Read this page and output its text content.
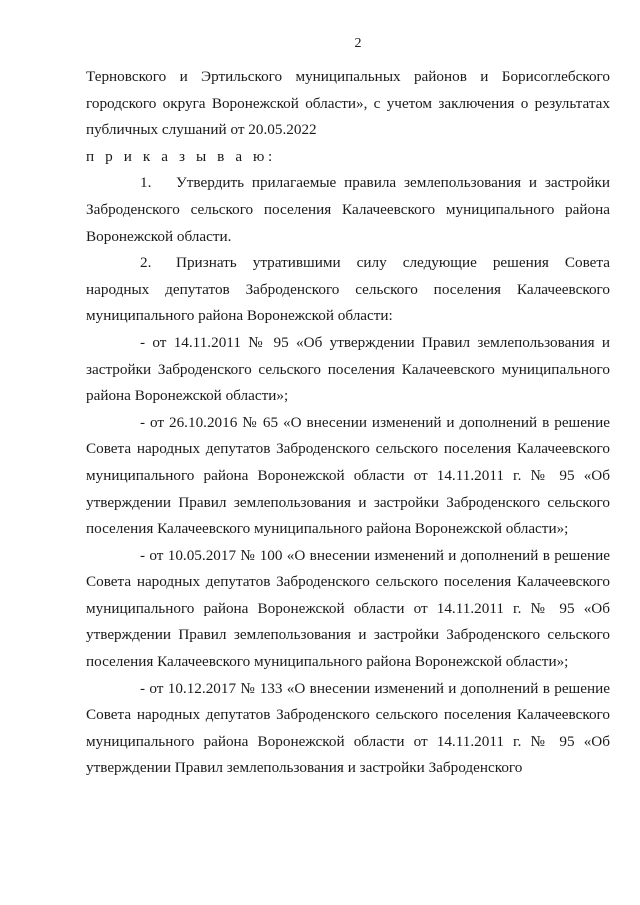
2

Терновского и Эртильского муниципальных районов и Борисоглебского городского округа Воронежской области», с учетом заключения о результатах публичных слушаний от 20.05.2022

п р и к а з ы в а ю:

1. Утвердить прилагаемые правила землепользования и застройки Заброденского сельского поселения Калачеевского муниципального района Воронежской области.

2. Признать утратившими силу следующие решения Совета народных депутатов Заброденского сельского поселения Калачеевского муниципального района Воронежской области:

- от 14.11.2011 № 95 «Об утверждении Правил землепользования и застройки Заброденского сельского поселения Калачеевского муниципального района Воронежской области»;

- от 26.10.2016 № 65 «О внесении изменений и дополнений в решение Совета народных депутатов Заброденского сельского поселения Калачеевского муниципального района Воронежской области от 14.11.2011 г. № 95 «Об утверждении Правил землепользования и застройки Заброденского сельского поселения Калачеевского муниципального района Воронежской области»;

- от 10.05.2017 № 100 «О внесении изменений и дополнений в решение Совета народных депутатов Заброденского сельского поселения Калачеевского муниципального района Воронежской области от 14.11.2011 г. № 95 «Об утверждении Правил землепользования и застройки Заброденского сельского поселения Калачеевского муниципального района Воронежской области»;

- от 10.12.2017 № 133 «О внесении изменений и дополнений в решение Совета народных депутатов Заброденского сельского поселения Калачеевского муниципального района Воронежской области от 14.11.2011 г. № 95 «Об утверждении Правил землепользования и застройки Заброденского
